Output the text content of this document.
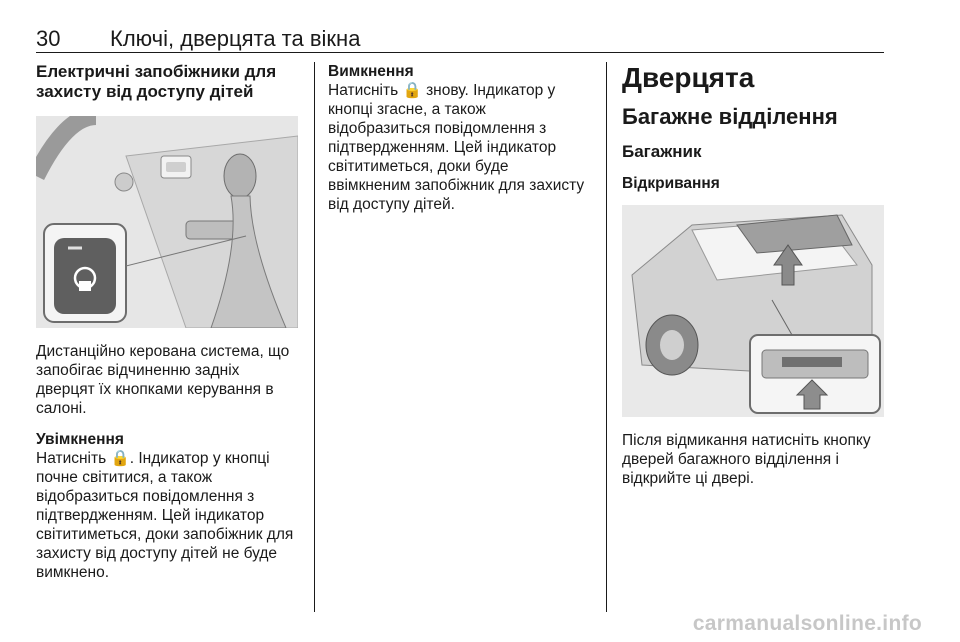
30 Ключі, дверцята та вікна
Електричні запобіжники для захисту від доступу дітей

Дистанційно керована система, що запобігає відчиненню задніх дверцят їх кнопками керування в салоні.

Увімкнення

Натисніть 🔒. Індикатор у кнопці почне світитися, а також відобразиться повідомлення з підтвердженням. Цей індикатор світитиметься, доки запобіжник для захисту від доступу дітей не буде вимкнено.

Вимкнення

Натисніть 🔒 знову. Індикатор у кнопці згасне, а також відобразиться повідомлення з підтвердженням. Цей індикатор світитиметься, доки буде ввімкненим запобіжник для захисту від доступу дітей.

Дверцята
Багажне відділення
Багажник
Відкривання

Після відмикання натисніть кнопку дверей багажного відділення і відкрийте ці двері.

carmanualsonline.info
